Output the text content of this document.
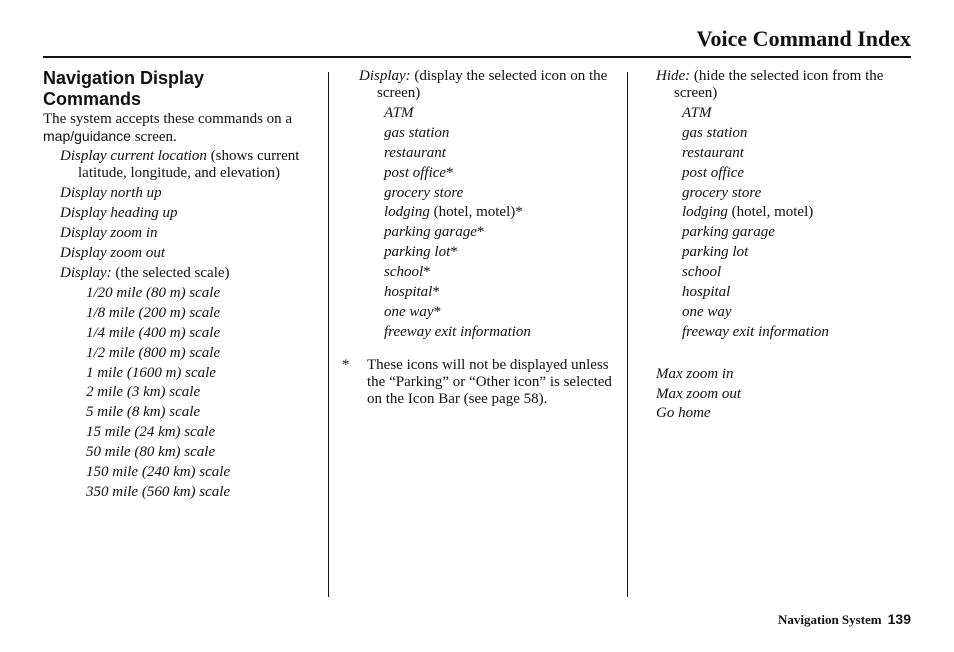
Voice Command Index
Navigation Display
Commands
The system accepts these commands on a map/guidance screen.
Display current location (shows current latitude, longitude, and elevation)
Display north up
Display heading up
Display zoom in
Display zoom out
Display: (the selected scale)
1/20 mile (80 m) scale
1/8 mile (200 m) scale
1/4 mile (400 m) scale
1/2 mile (800 m) scale
1 mile (1600 m) scale
2 mile (3 km) scale
5 mile (8 km) scale
15 mile (24 km) scale
50 mile (80 km) scale
150 mile (240 km) scale
350 mile (560 km) scale
Display: (display the selected icon on the screen)
ATM
gas station
restaurant
post office*
grocery store
lodging (hotel, motel)*
parking garage*
parking lot*
school*
hospital*
one way*
freeway exit information
* These icons will not be displayed unless the “Parking” or “Other icon” is selected on the Icon Bar (see page 58).
Hide: (hide the selected icon from the screen)
ATM
gas station
restaurant
post office
grocery store
lodging (hotel, motel)
parking garage
parking lot
school
hospital
one way
freeway exit information
Max zoom in
Max zoom out
Go home
Navigation System 139
